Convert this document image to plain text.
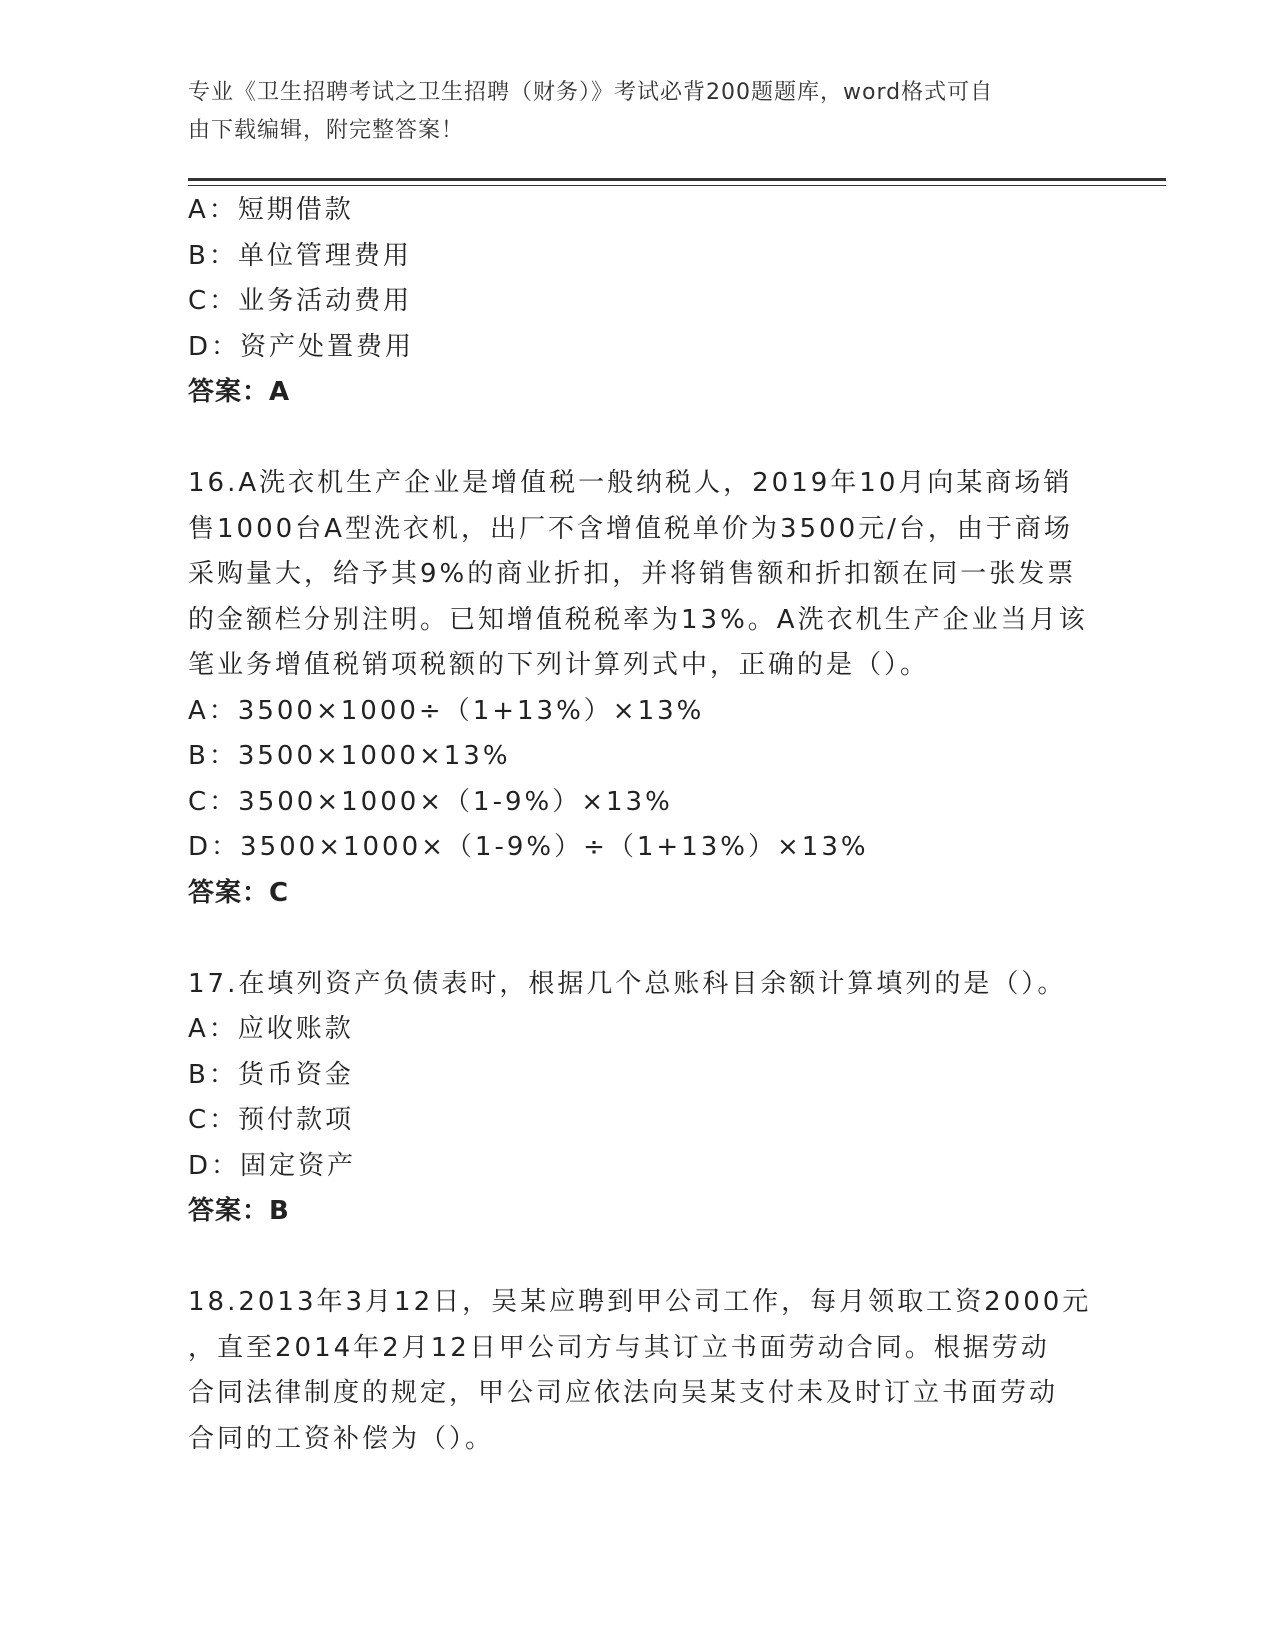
专业《卫生招聘考试之卫生招聘（财务）》考试必背200题题库，word格式可自
由下载编辑，附完整答案！
A：短期借款
B：单位管理费用
C：业务活动费用
D：资产处置费用
答案：A
16.A洗衣机生产企业是增值税一般纳税人，2019年10月向某商场销
售1000台A型洗衣机，出厂不含增值税单价为3500元/台，由于商场
采购量大，给予其9%的商业折扣，并将销售额和折扣额在同一张发票
的金额栏分别注明。已知增值税税率为13%。A洗衣机生产企业当月该
笔业务增值税销项税额的下列计算列式中，正确的是（）。
A：3500×1000÷（1+13%）×13%
B：3500×1000×13%
C：3500×1000×（1-9%）×13%
D：3500×1000×（1-9%）÷（1+13%）×13%
答案：C
17.在填列资产负债表时，根据几个总账科目余额计算填列的是（）。
A：应收账款
B：货币资金
C：预付款项
D：固定资产
答案：B
18.2013年3月12日，吴某应聘到甲公司工作，每月领取工资2000元
，直至2014年2月12日甲公司方与其订立书面劳动合同。根据劳动
合同法律制度的规定，甲公司应依法向吴某支付未及时订立书面劳动
合同的工资补偿为（）。
